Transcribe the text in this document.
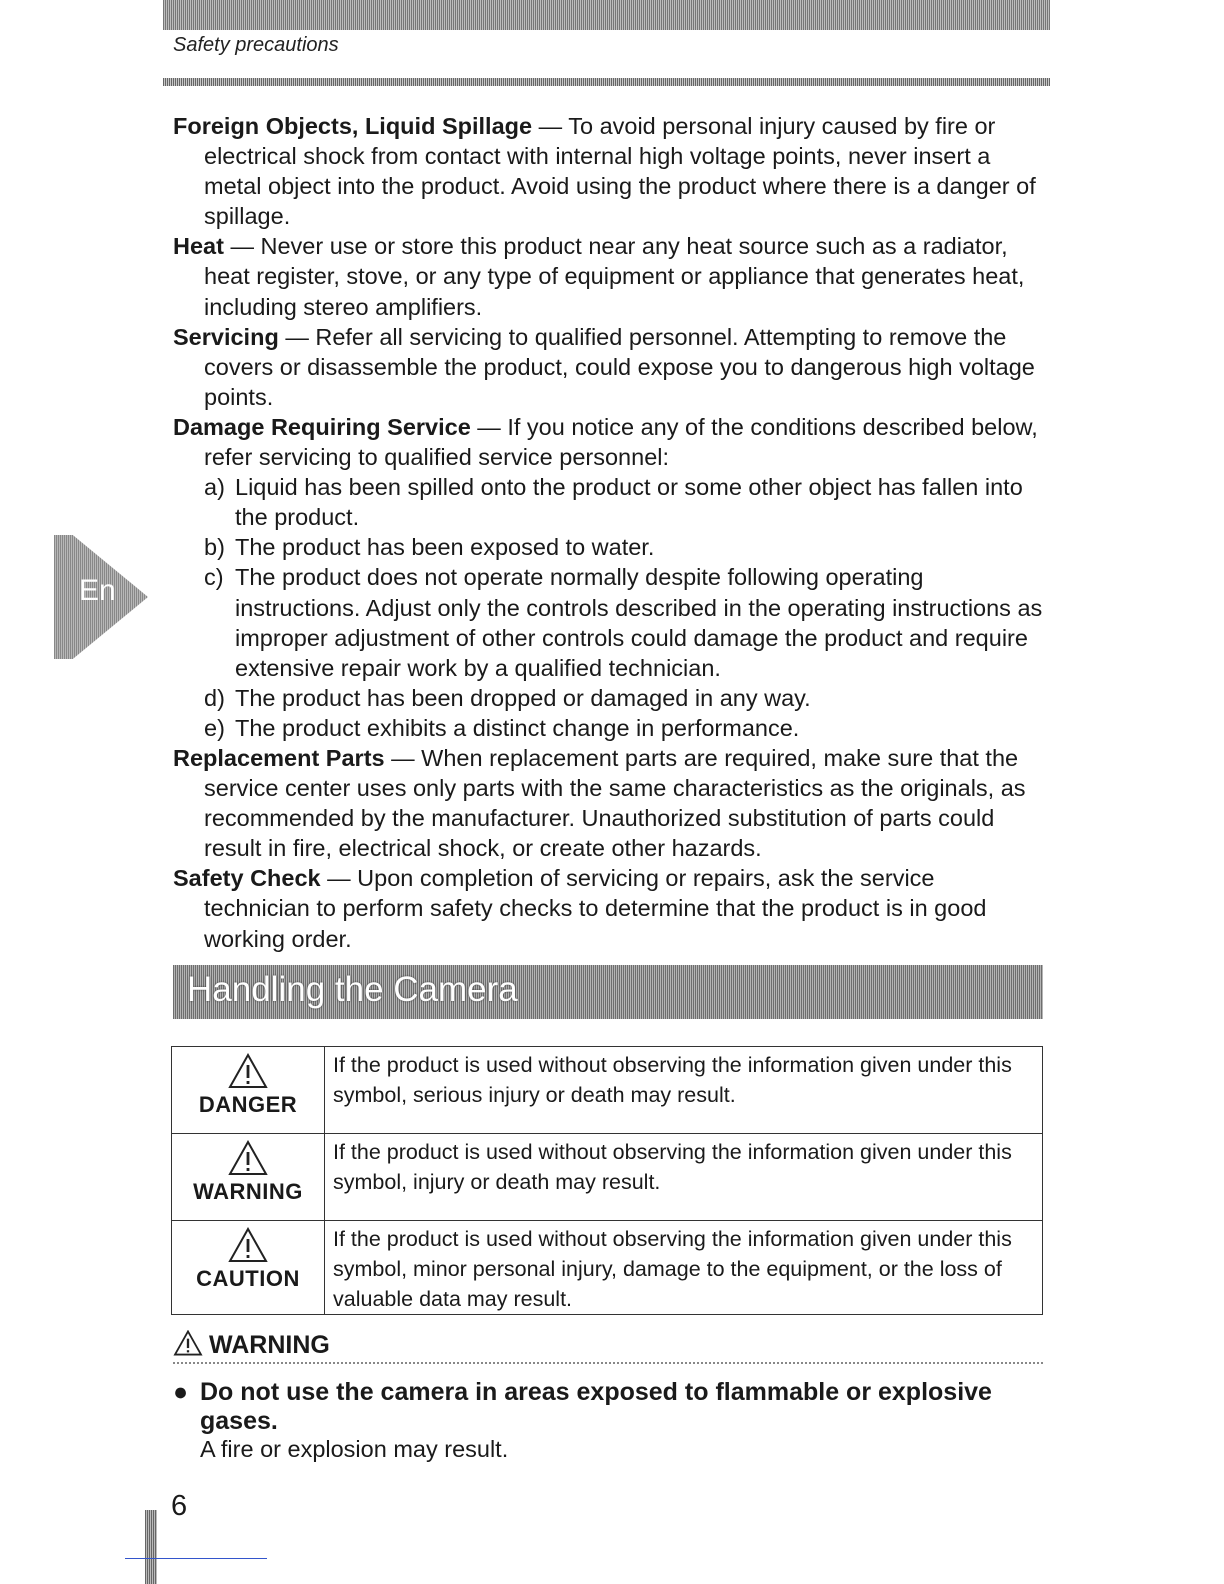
Safety precautions
En

Foreign Objects, Liquid Spillage — To avoid personal injury caused by fire or electrical shock from contact with internal high voltage points, never insert a metal object into the product. Avoid using the product where there is a danger of spillage.

Heat — Never use or store this product near any heat source such as a radiator, heat register, stove, or any type of equipment or appliance that generates heat, including stereo amplifiers.

Servicing — Refer all servicing to qualified personnel. Attempting to remove the covers or disassemble the product, could expose you to dangerous high voltage points.

Damage Requiring Service — If you notice any of the conditions described below, refer servicing to qualified service personnel:

a) Liquid has been spilled onto the product or some other object has fallen into the product.

b) The product has been exposed to water.

c) The product does not operate normally despite following operating instructions. Adjust only the controls described in the operating instructions as improper adjustment of other controls could damage the product and require extensive repair work by a qualified technician.

d) The product has been dropped or damaged in any way.

e) The product exhibits a distinct change in performance.

Replacement Parts — When replacement parts are required, make sure that the service center uses only parts with the same characteristics as the originals, as recommended by the manufacturer. Unauthorized substitution of parts could result in fire, electrical shock, or create other hazards.

Safety Check — Upon completion of servicing or repairs, ask the service technician to perform safety checks to determine that the product is in good working order.

Handling the Camera
DANGER	If the product is used without observing the information given under this symbol, serious injury or death may result.

WARNING	If the product is used without observing the information given under this symbol, injury or death may result.

CAUTION	If the product is used without observing the information given under this symbol, minor personal injury, damage to the equipment, or the loss of valuable data may result.
WARNING
● Do not use the camera in areas exposed to flammable or explosive gases.
A fire or explosion may result.
6
